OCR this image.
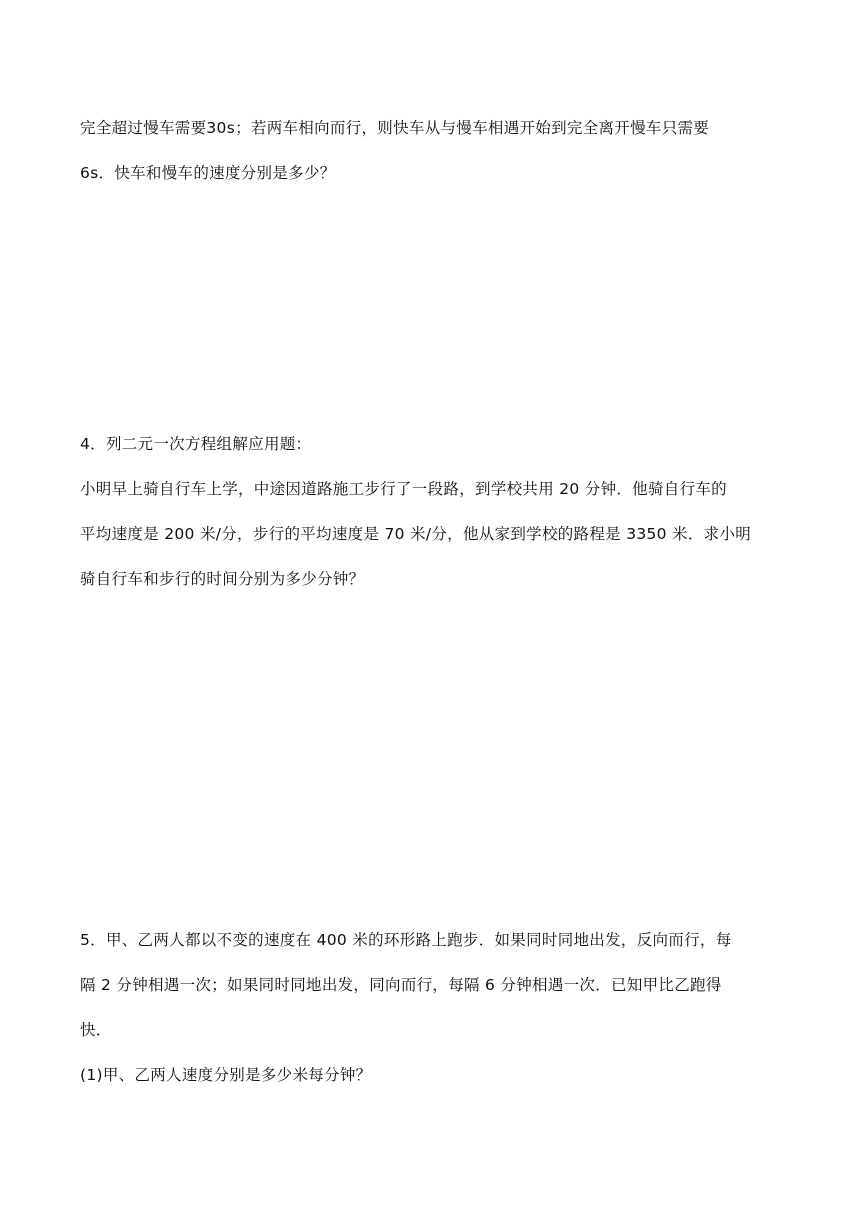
完全超过慢车需要30s；若两车相向而行，则快车从与慢车相遇开始到完全离开慢车只需要
6s．快车和慢车的速度分别是多少？
4．列二元一次方程组解应用题：
小明早上骑自行车上学，中途因道路施工步行了一段路，到学校共用 20 分钟．他骑自行车的
平均速度是 200 米/分，步行的平均速度是 70 米/分，他从家到学校的路程是 3350 米．求小明
骑自行车和步行的时间分别为多少分钟？
5．甲、乙两人都以不变的速度在 400 米的环形路上跑步．如果同时同地出发，反向而行，每
隔 2 分钟相遇一次；如果同时同地出发，同向而行，每隔 6 分钟相遇一次．已知甲比乙跑得
快．
(1)甲、乙两人速度分别是多少米每分钟？
